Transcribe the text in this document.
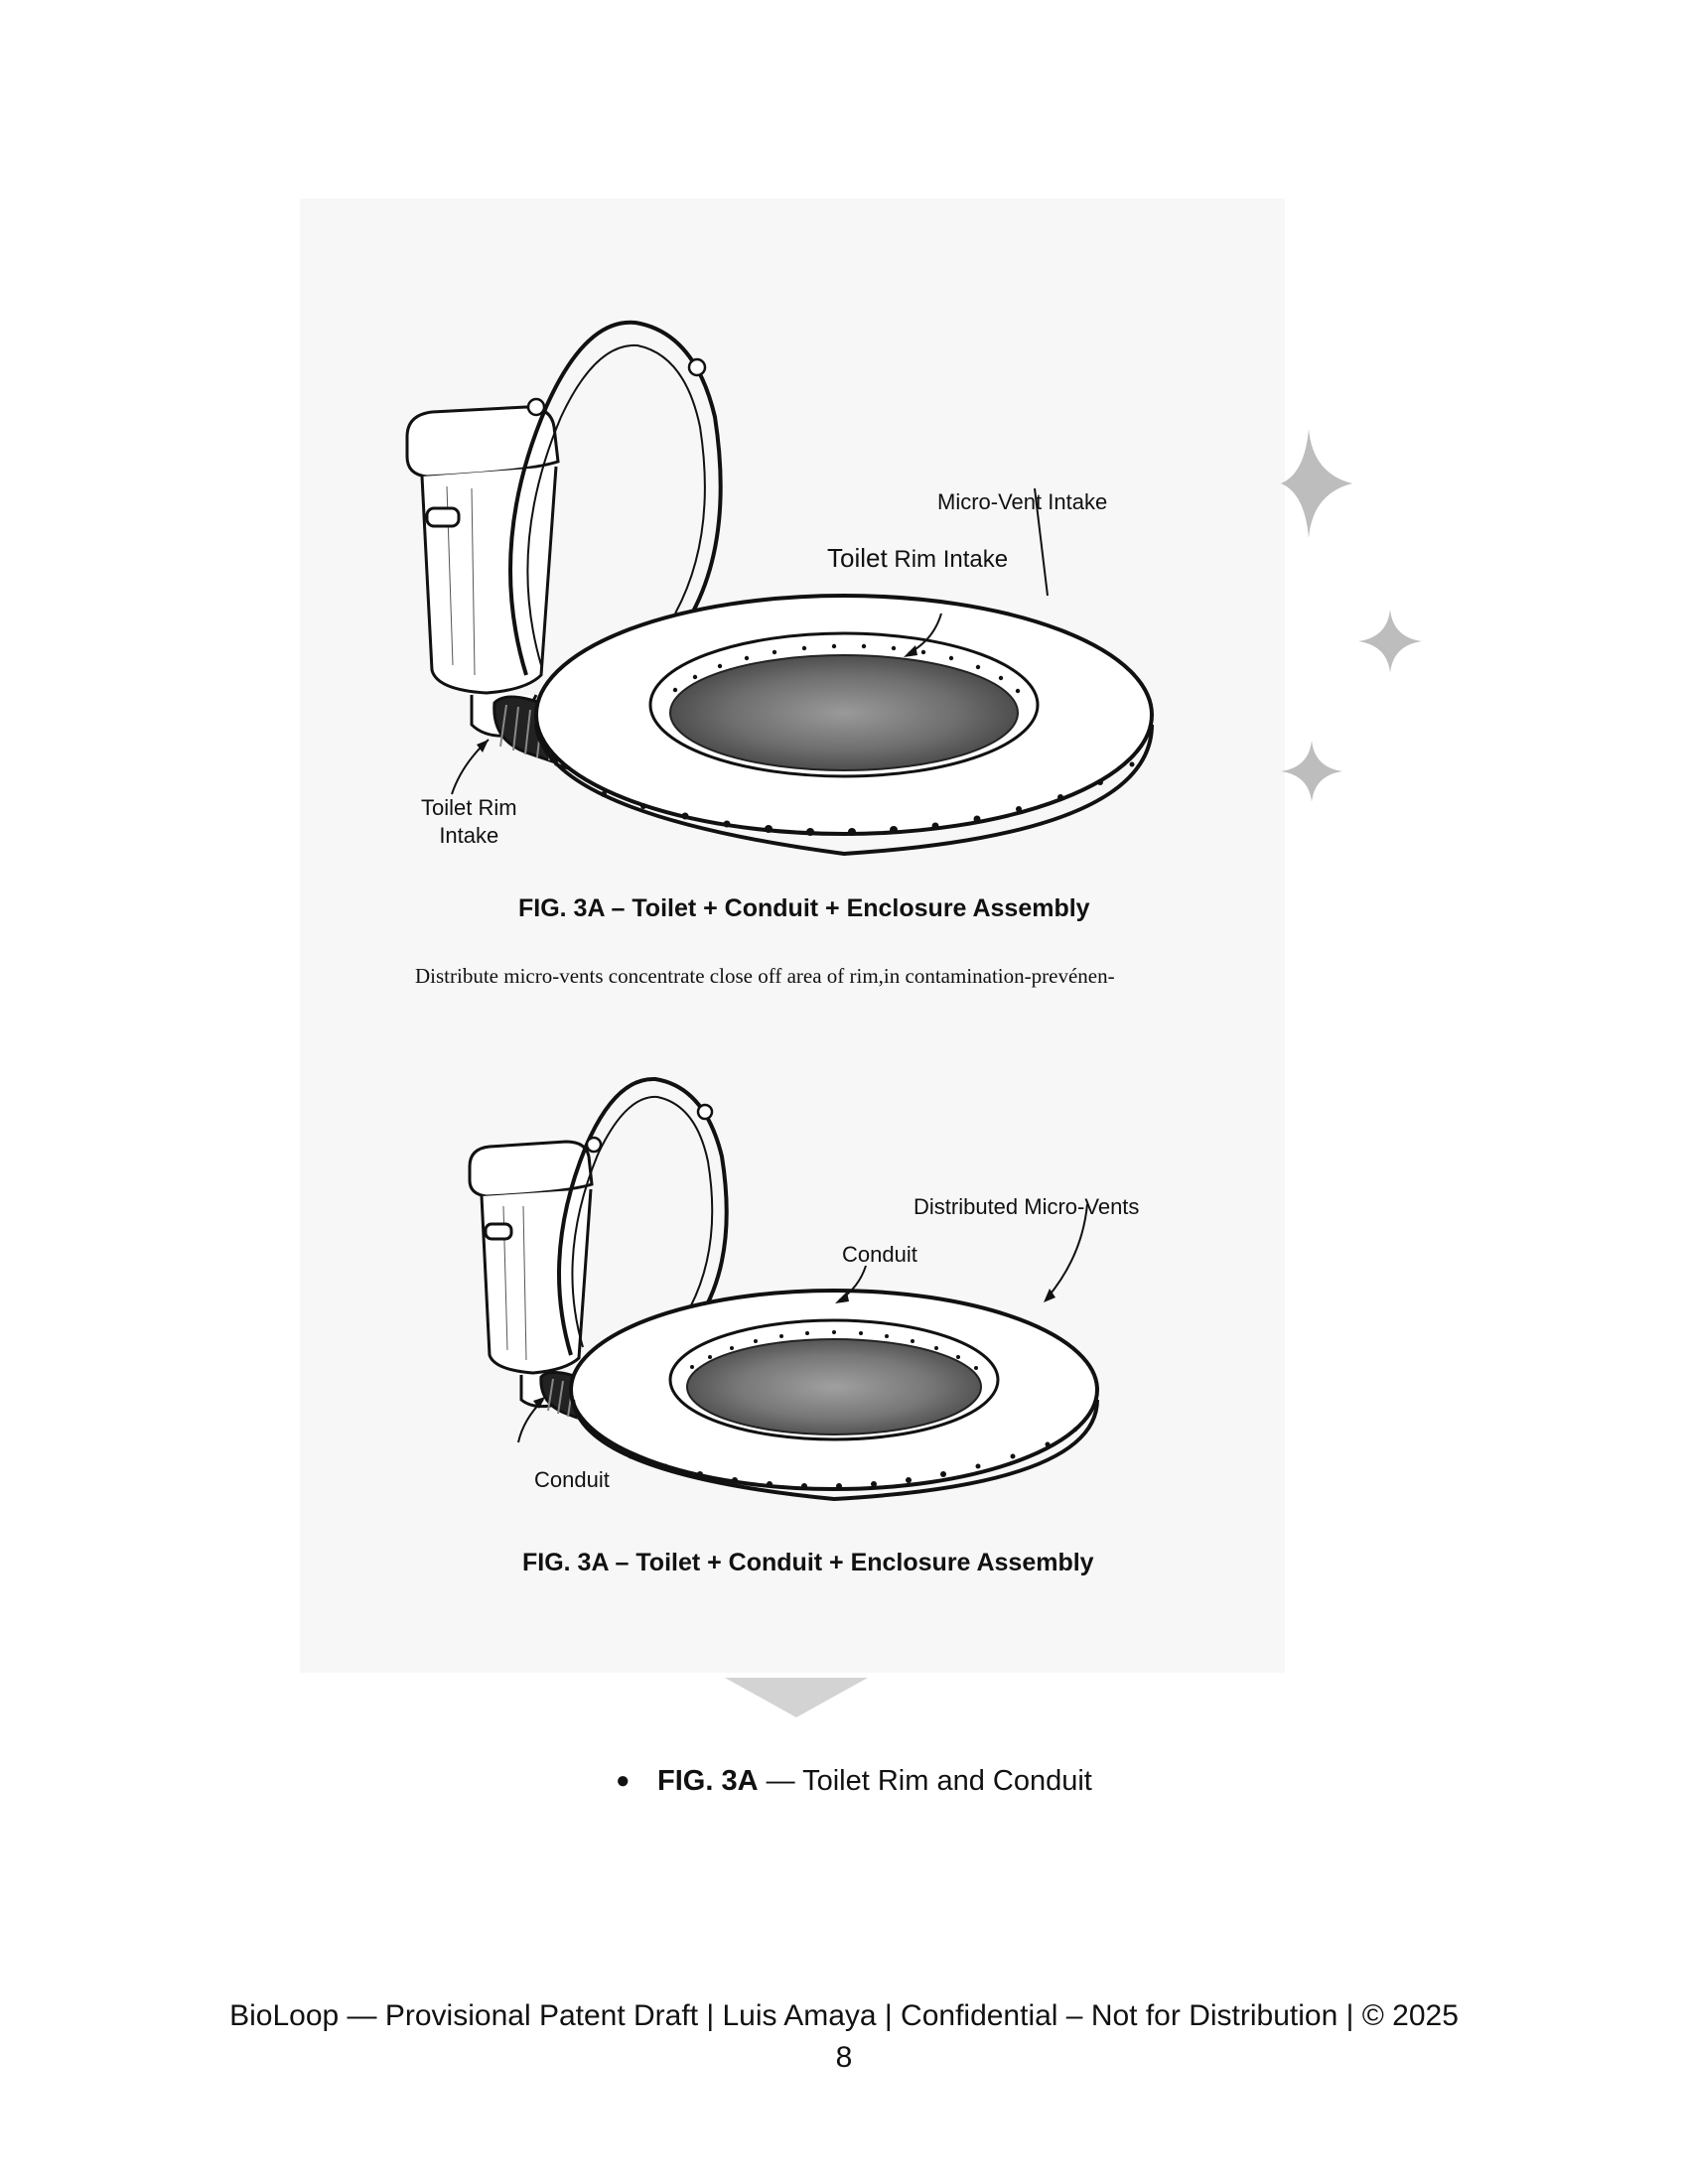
Micro-Vent Intake
Toilet Rim Intake
Toilet Rim
Intake
FIG. 3A – Toilet + Conduit + Enclosure Assembly
Distribute micro-vents concentrate close off area of rim,in contamination-prevénen-
Distributed Micro-Vents
Conduit
Conduit
FIG. 3A – Toilet + Conduit + Enclosure Assembly
● FIG. 3A — Toilet Rim and Conduit
BioLoop — Provisional Patent Draft | Luis Amaya | Confidential – Not for Distribution | © 2025
8
